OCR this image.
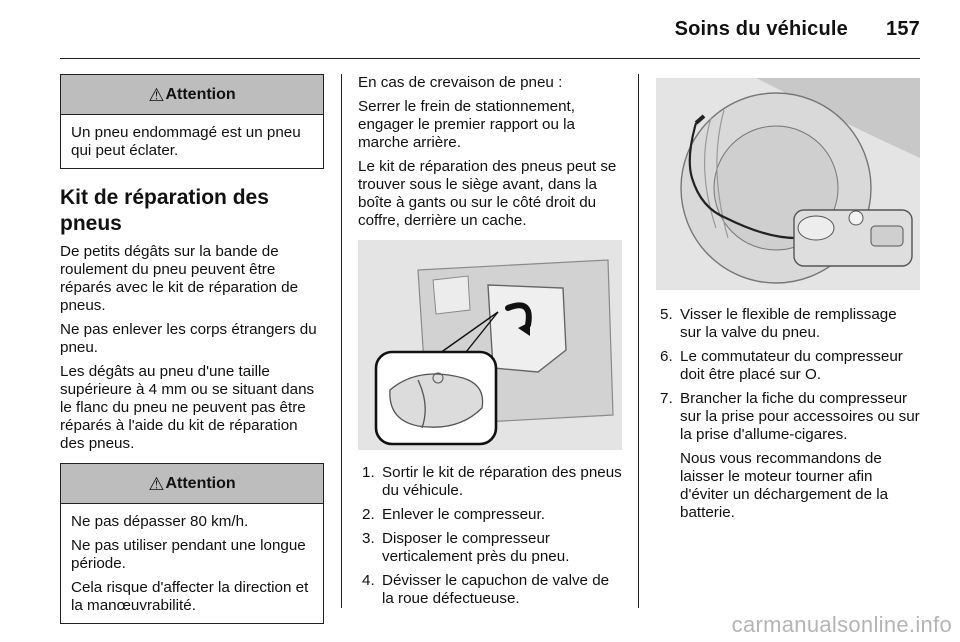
Soins du véhicule 157
⚠ Attention

Un pneu endommagé est un pneu qui peut éclater.

Kit de réparation des pneus

De petits dégâts sur la bande de roulement du pneu peuvent être réparés avec le kit de réparation de pneus.

Ne pas enlever les corps étrangers du pneu.

Les dégâts au pneu d'une taille supérieure à 4 mm ou se situant dans le flanc du pneu ne peuvent pas être réparés à l'aide du kit de réparation des pneus.

⚠ Attention

Ne pas dépasser 80 km/h.

Ne pas utiliser pendant une longue période.

Cela risque d'affecter la direction et la manœuvrabilité.

En cas de crevaison de pneu :

Serrer le frein de stationnement, engager le premier rapport ou la marche arrière.

Le kit de réparation des pneus peut se trouver sous le siège avant, dans la boîte à gants ou sur le côté droit du coffre, derrière un cache.

1. Sortir le kit de réparation des pneus du véhicule.
2. Enlever le compresseur.
3. Disposer le compresseur verticalement près du pneu.
4. Dévisser le capuchon de valve de la roue défectueuse.
5. Visser le flexible de remplissage sur la valve du pneu.
6. Le commutateur du compresseur doit être placé sur O.
7. Brancher la fiche du compresseur sur la prise pour accessoires ou sur la prise d'allume-cigares.

Nous vous recommandons de laisser le moteur tourner afin d'éviter un déchargement de la batterie.

carmanualsonline.info
